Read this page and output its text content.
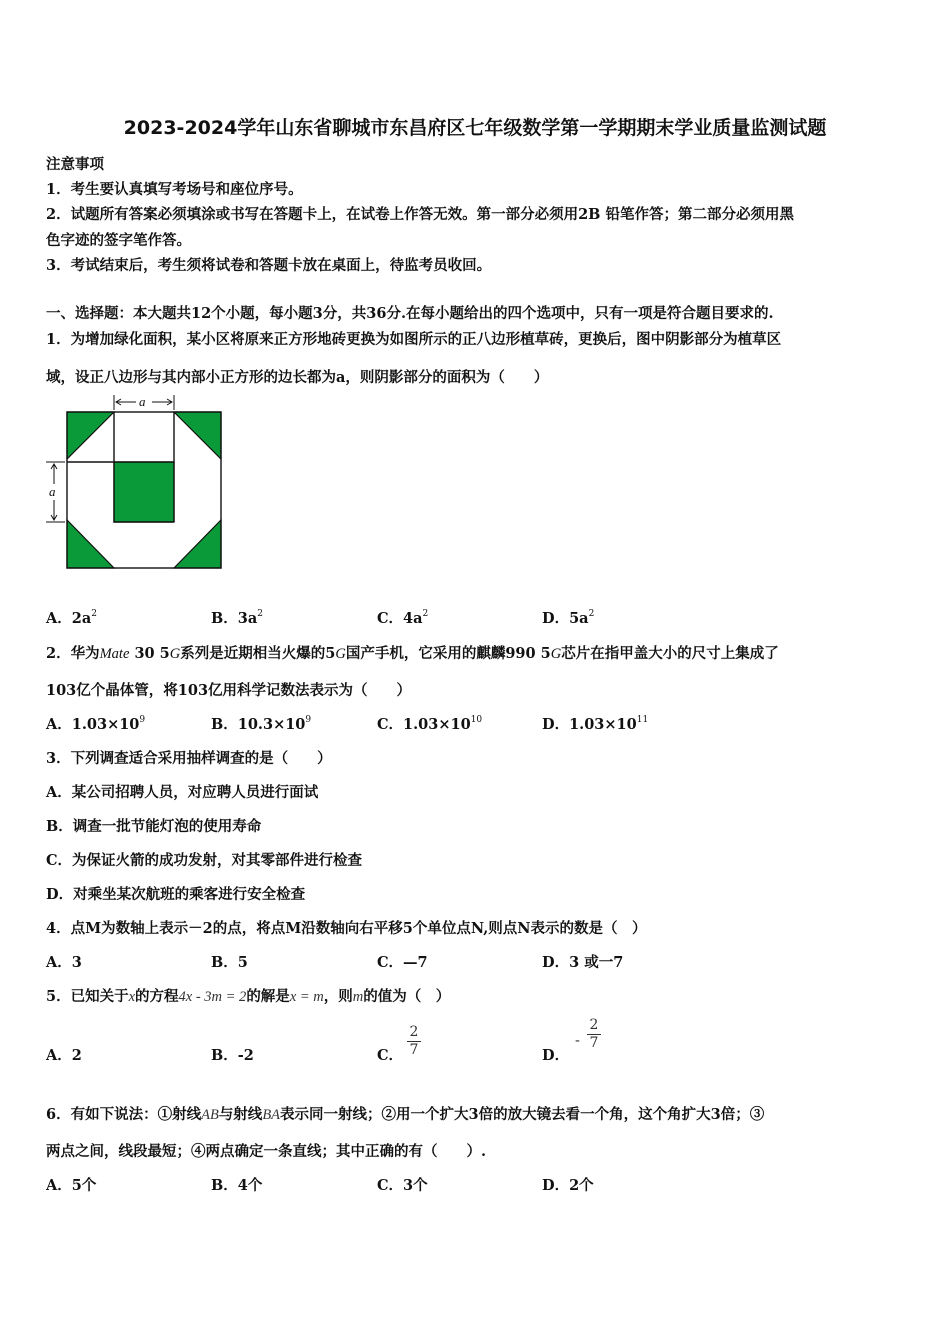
2023-2024学年山东省聊城市东昌府区七年级数学第一学期期末学业质量监测试题
注意事项
1．考生要认真填写考场号和座位序号。
2．试题所有答案必须填涂或书写在答题卡上，在试卷上作答无效。第一部分必须用2B 铅笔作答；第二部分必须用黑
色字迹的签字笔作答。
3．考试结束后，考生须将试卷和答题卡放在桌面上，待监考员收回。
一、选择题：本大题共12个小题，每小题3分，共36分.在每小题给出的四个选项中，只有一项是符合题目要求的.
1．为增加绿化面积，某小区将原来正方形地砖更换为如图所示的正八边形植草砖，更换后，图中阴影部分为植草区
域，设正八边形与其内部小正方形的边长都为a，则阴影部分的面积为（　　）
a
a
A．$2a^2$	B．$3a^2$	C．$4a^2$	D．$5a^2$
2．华为Mate 30 5G系列是近期相当火爆的5G国产手机，它采用的麒麟990 5G芯片在指甲盖大小的尺寸上集成了
103亿个晶体管，将103亿用科学记数法表示为（　　）
A．$1.03\times 10^9$	B．$10.3\times 10^9$	C．$1.03\times 10^{10}$	D．$1.03\times 10^{11}$
3．下列调查适合采用抽样调查的是（　　）
A．某公司招聘人员，对应聘人员进行面试
B．调查一批节能灯泡的使用寿命
C．为保证火箭的成功发射，对其零部件进行检查
D．对乘坐某次航班的乘客进行安全检查
4．点M为数轴上表示－2的点，将点M沿数轴向右平移5个单位点N,则点N表示的数是（　）
A．3	B．5	C．—7	D．3 或一7
5．已知关于x的方程4x - 3m = 2的解是x = m，则m的值为（　）
A．2	B．-2	C．
2
7	D．
-
2
7
6．有如下说法：①射线AB与射线BA表示同一射线；②用一个扩大3倍的放大镜去看一个角，这个角扩大3倍；③
两点之间，线段最短；④两点确定一条直线；其中正确的有（　　）.
A．5个	B．4个	C．3个	D．2个
